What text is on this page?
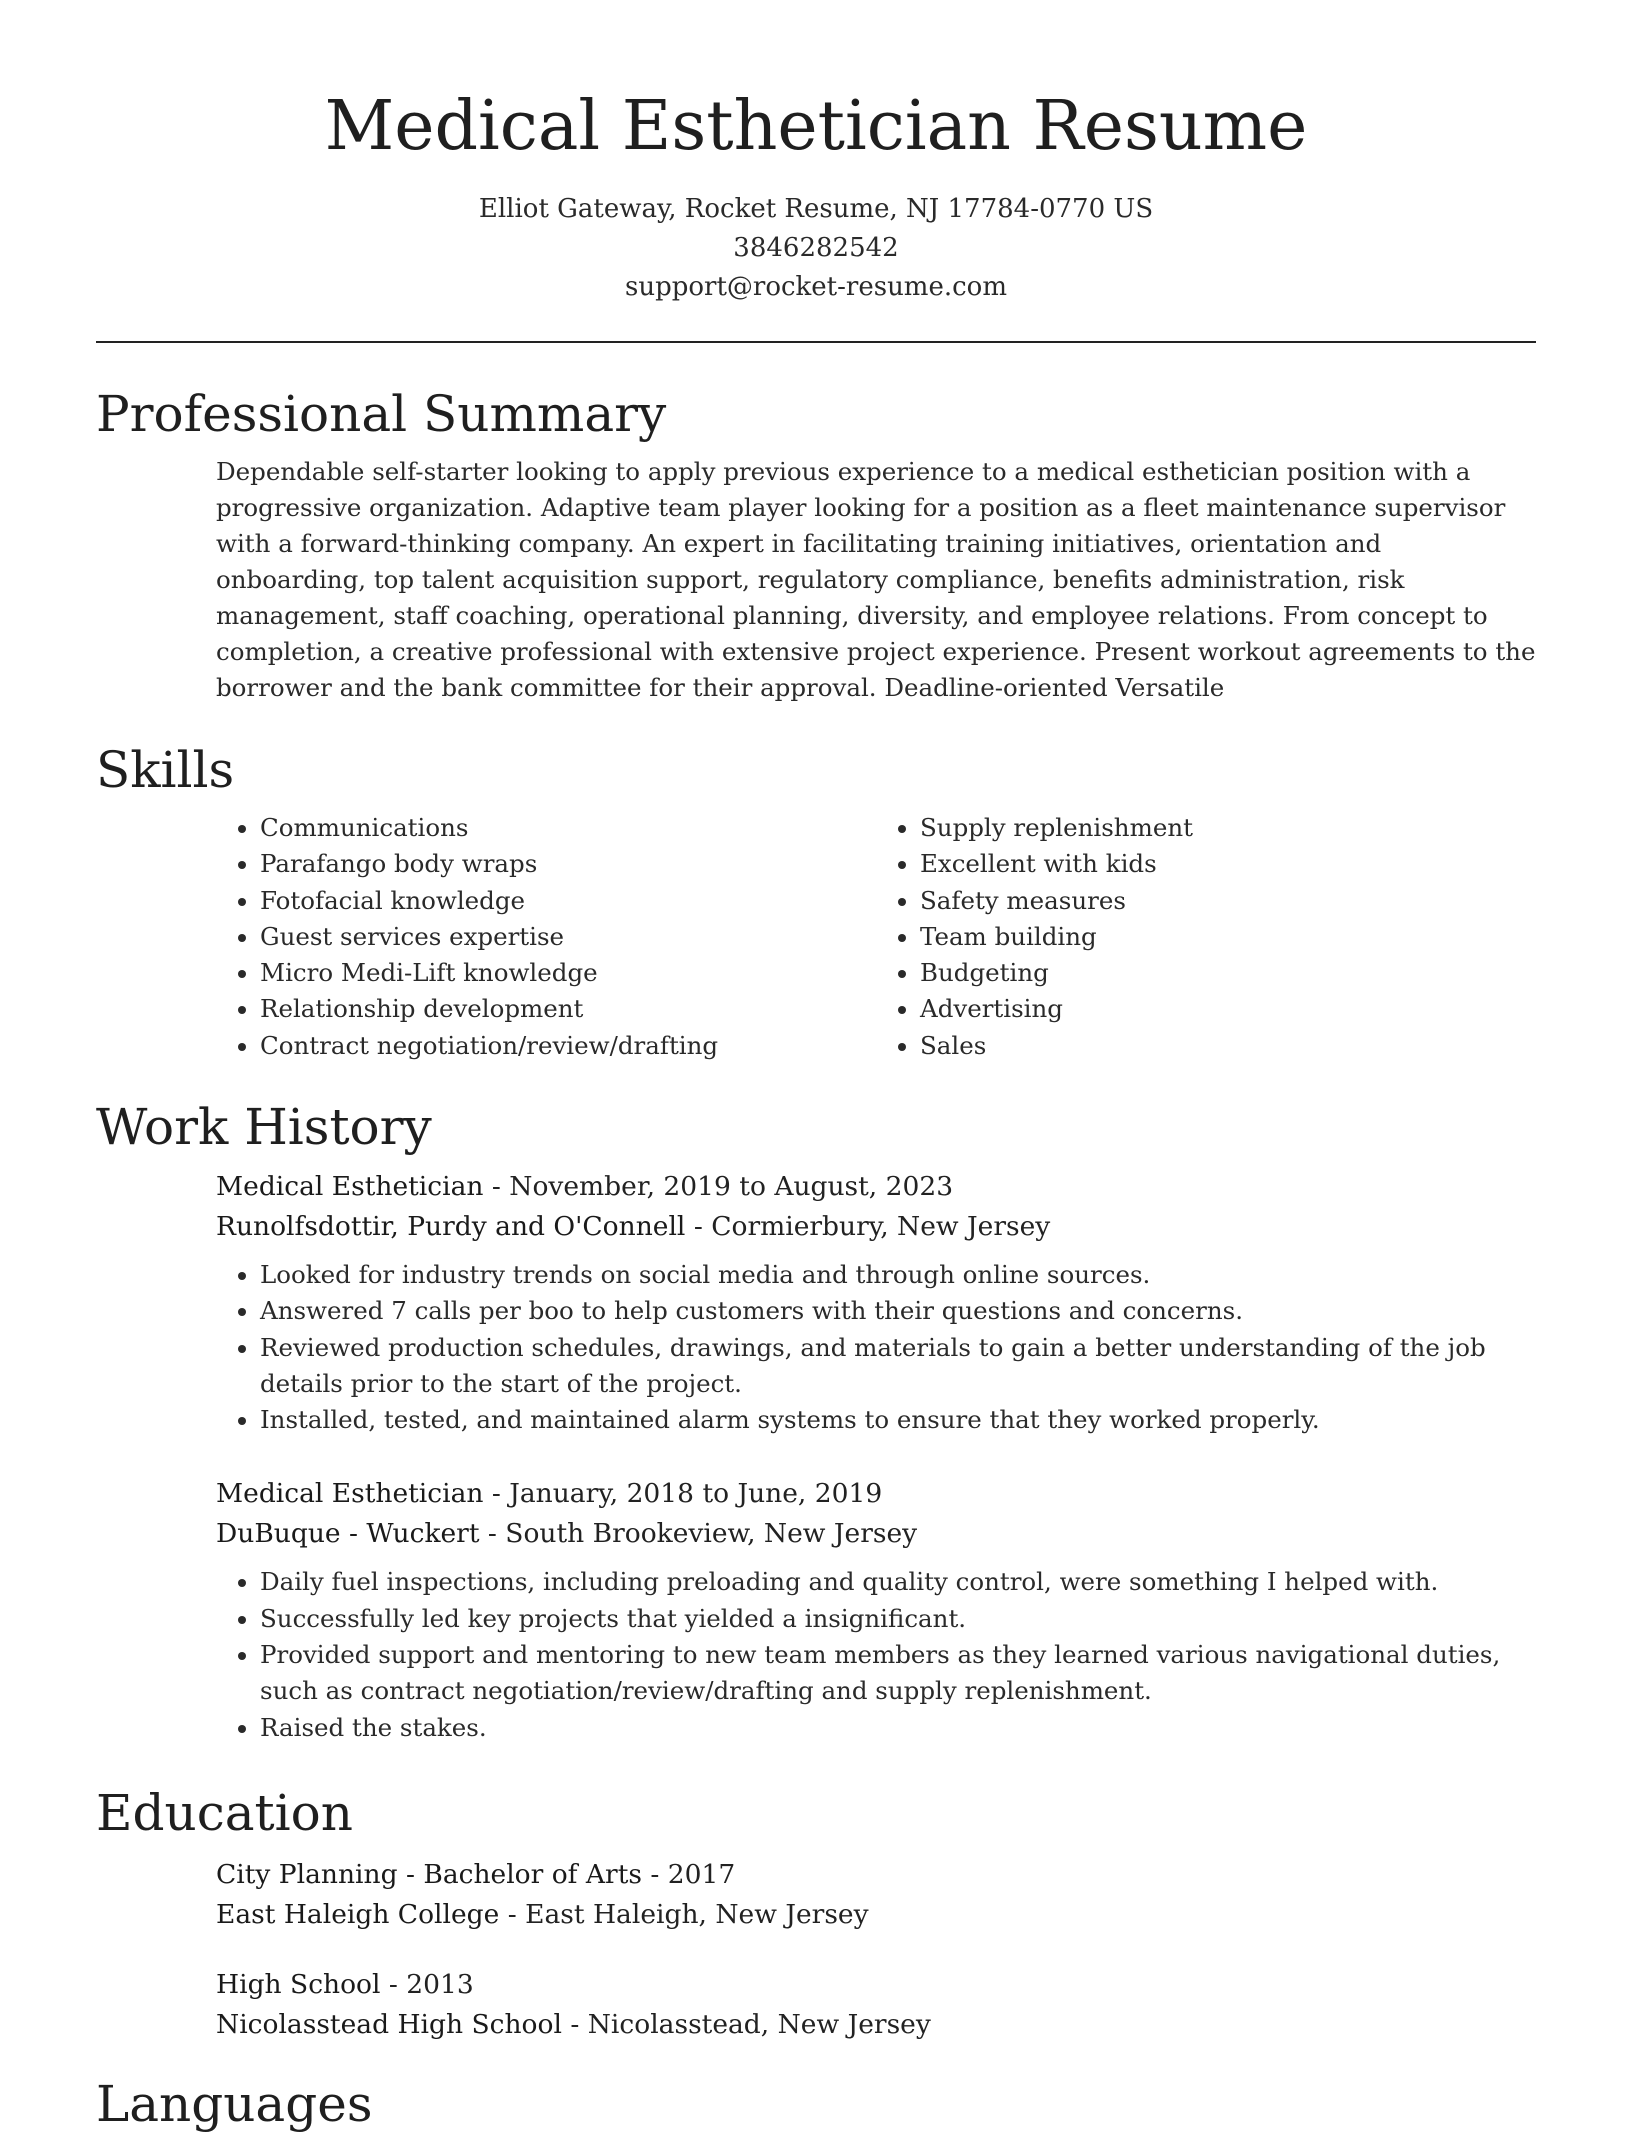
Medical Esthetician Resume
Elliot Gateway, Rocket Resume, NJ 17784-0770 US
3846282542
support@rocket-resume.com
Professional Summary
Dependable self-starter looking to apply previous experience to a medical esthetician position with a progressive organization. Adaptive team player looking for a position as a fleet maintenance supervisor with a forward-thinking company. An expert in facilitating training initiatives, orientation and onboarding, top talent acquisition support, regulatory compliance, benefits administration, risk management, staff coaching, operational planning, diversity, and employee relations. From concept to completion, a creative professional with extensive project experience. Present workout agreements to the borrower and the bank committee for their approval. Deadline-oriented Versatile
Skills
• Communications
• Parafango body wraps
• Fotofacial knowledge
• Guest services expertise
• Micro Medi-Lift knowledge
• Relationship development
• Contract negotiation/review/drafting
• Supply replenishment
• Excellent with kids
• Safety measures
• Team building
• Budgeting
• Advertising
• Sales
Work History
Medical Esthetician - November, 2019 to August, 2023
Runolfsdottir, Purdy and O'Connell - Cormierbury, New Jersey
• Looked for industry trends on social media and through online sources.
• Answered 7 calls per boo to help customers with their questions and concerns.
• Reviewed production schedules, drawings, and materials to gain a better understanding of the job details prior to the start of the project.
• Installed, tested, and maintained alarm systems to ensure that they worked properly.
Medical Esthetician - January, 2018 to June, 2019
DuBuque - Wuckert - South Brookeview, New Jersey
• Daily fuel inspections, including preloading and quality control, were something I helped with.
• Successfully led key projects that yielded a insignificant.
• Provided support and mentoring to new team members as they learned various navigational duties, such as contract negotiation/review/drafting and supply replenishment.
• Raised the stakes.
Education
City Planning - Bachelor of Arts - 2017
East Haleigh College - East Haleigh, New Jersey
High School - 2013
Nicolasstead High School - Nicolasstead, New Jersey
Languages
